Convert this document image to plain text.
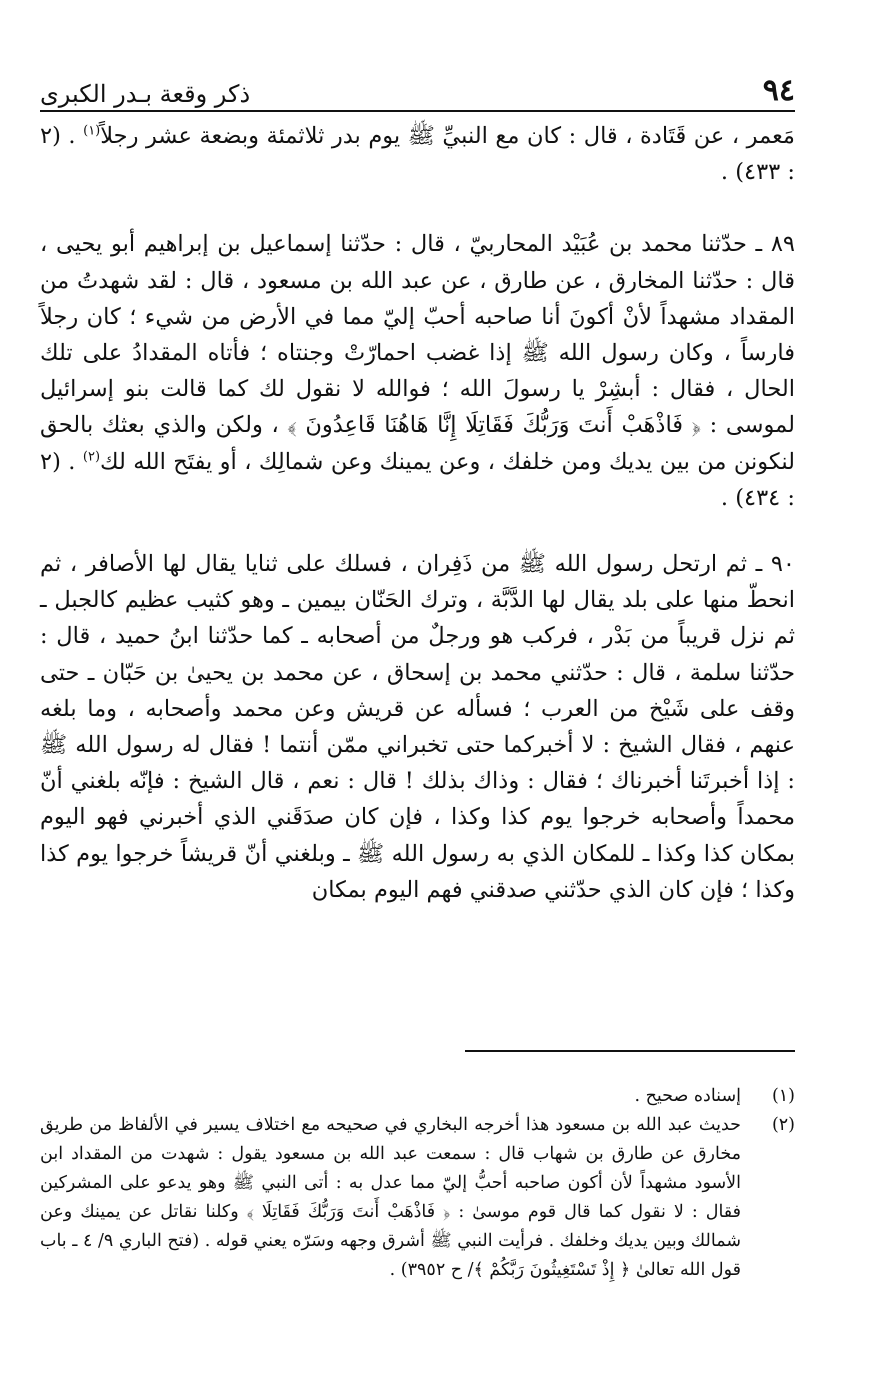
٩٤
ذكر وقعة بـدر الكبرى

مَعمر ، عن قَتَادة ، قال : كان مع النبيِّ ﷺ يوم بدر ثلاثمئة وبضعة عشر رجلاً$^{(١)}$ . (٢ : ٤٣٣) .

٨٩ ـ حدّثنا محمد بن عُبَيْد المحاربيّ ، قال : حدّثنا إسماعيل بن إبراهيم أبو يحيى ، قال : حدّثنا المخارق ، عن طارق ، عن عبد الله بن مسعود ، قال : لقد شهدتُ من المقداد مشهداً لأنْ أكونَ أنا صاحبه أحبّ إليّ مما في الأرض من شيء ؛ كان رجلاً فارساً ، وكان رسول الله ﷺ إذا غضب احمارّتْ وجنتاه ؛ فأتاه المقدادُ على تلك الحال ، فقال : أبشِرْ يا رسولَ الله ؛ فوالله لا نقول لك كما قالت بنو إسرائيل لموسى : ﴿ فَاذْهَبْ أَنتَ وَرَبُّكَ فَقَاتِلَا إِنَّا هَاهُنَا قَاعِدُونَ ﴾ ، ولكن والذي بعثك بالحق لنكونن من بين يديك ومن خلفك ، وعن يمينك وعن شمالِك ، أو يفتَح الله لك$^{(٢)}$ . (٢ : ٤٣٤) .

٩٠ ـ ثم ارتحل رسول الله ﷺ من ذَفِران ، فسلك على ثنايا يقال لها الأصافر ، ثم انحطّ منها على بلد يقال لها الدَّبَّة ، وترك الحَنّان بيمين ـ وهو كثيب عظيم كالجبل ـ ثم نزل قريباً من بَدْر ، فركب هو ورجلٌ من أصحابه ـ كما حدّثنا ابنُ حميد ، قال : حدّثنا سلمة ، قال : حدّثني محمد بن إسحاق ، عن محمد بن يحيىٰ بن حَبّان ـ حتى وقف على شَيْخ من العرب ؛ فسأله عن قريش وعن محمد وأصحابه ، وما بلغه عنهم ، فقال الشيخ : لا أخبركما حتى تخبراني ممّن أنتما ! فقال له رسول الله ﷺ : إذا أخبرتَنا أخبرناك ؛ فقال : وذاك بذلك ! قال : نعم ، قال الشيخ : فإنّه بلغني أنّ محمداً وأصحابه خرجوا يوم كذا وكذا ، فإن كان صدَقَني الذي أخبرني فهو اليوم بمكان كذا وكذا ـ للمكان الذي به رسول الله ﷺ ـ وبلغني أنّ قريشاً خرجوا يوم كذا وكذا ؛ فإن كان الذي حدّثني صدقني فهم اليوم بمكان

(١)
إسناده صحيح .
(٢)
حديث عبد الله بن مسعود هذا أخرجه البخاري في صحيحه مع اختلاف يسير في الألفاظ من طريق مخارق عن طارق بن شهاب قال : سمعت عبد الله بن مسعود يقول : شهدت من المقداد ابن الأسود مشهداً لأن أكون صاحبه أحبُّ إليّ مما عدل به : أتى النبي ﷺ وهو يدعو على المشركين فقال : لا نقول كما قال قوم موسىٰ : ﴿ فَاذْهَبْ أَنتَ وَرَبُّكَ فَقَاتِلَا ﴾ وكلنا نقاتل عن يمينك وعن شمالك وبين يديك وخلفك . فرأيت النبي ﷺ أشرق وجهه وسَرّه يعني قوله . (فتح الباري ٩/ ٤ ـ باب قول الله تعالىٰ ﴿ إِذْ تَسْتَغِيثُونَ رَبَّكُمْ ﴾/ ح ٣٩٥٢) .
